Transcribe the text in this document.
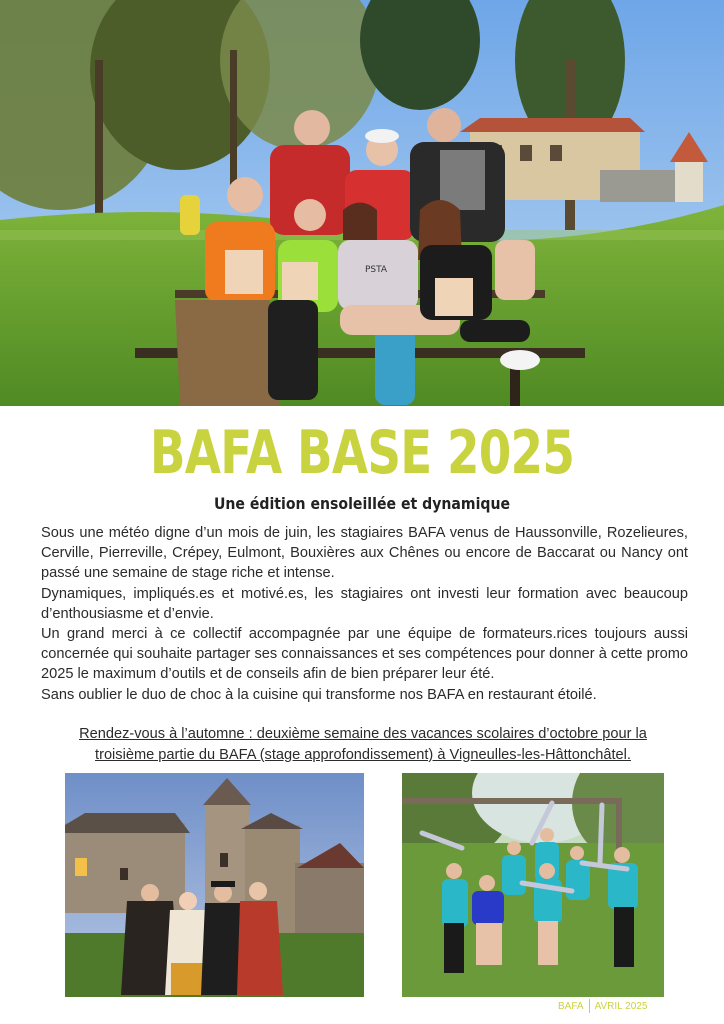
PSTA
BAFA BASE 2025
Une édition ensoleillée et dynamique

Sous une météo digne d’un mois de juin, les stagiaires BAFA venus de Haussonville, Rozelieures, Cerville, Pierreville, Crépey, Eulmont, Bouxières aux Chênes ou encore de Baccarat ou Nancy ont passé une semaine de stage riche et intense.

Dynamiques, impliqués.es et motivé.es, les stagiaires ont investi leur formation avec beaucoup d’enthousiasme et d’envie.

Un grand merci à ce collectif accompagnée par une équipe de formateurs.rices toujours aussi concernée qui souhaite partager ses connaissances et ses compétences pour donner à cette promo 2025 le maximum d’outils et de conseils afin de bien préparer leur été.

Sans oublier le duo de choc à la cuisine qui transforme nos BAFA en restaurant étoilé.

Rendez-vous à l’automne : deuxième semaine des vacances scolaires d’octobre pour la troisième partie du BAFA (stage approfondissement) à Vigneulles-les-Hâttonchâtel.

BAFA AVRIL 2025
